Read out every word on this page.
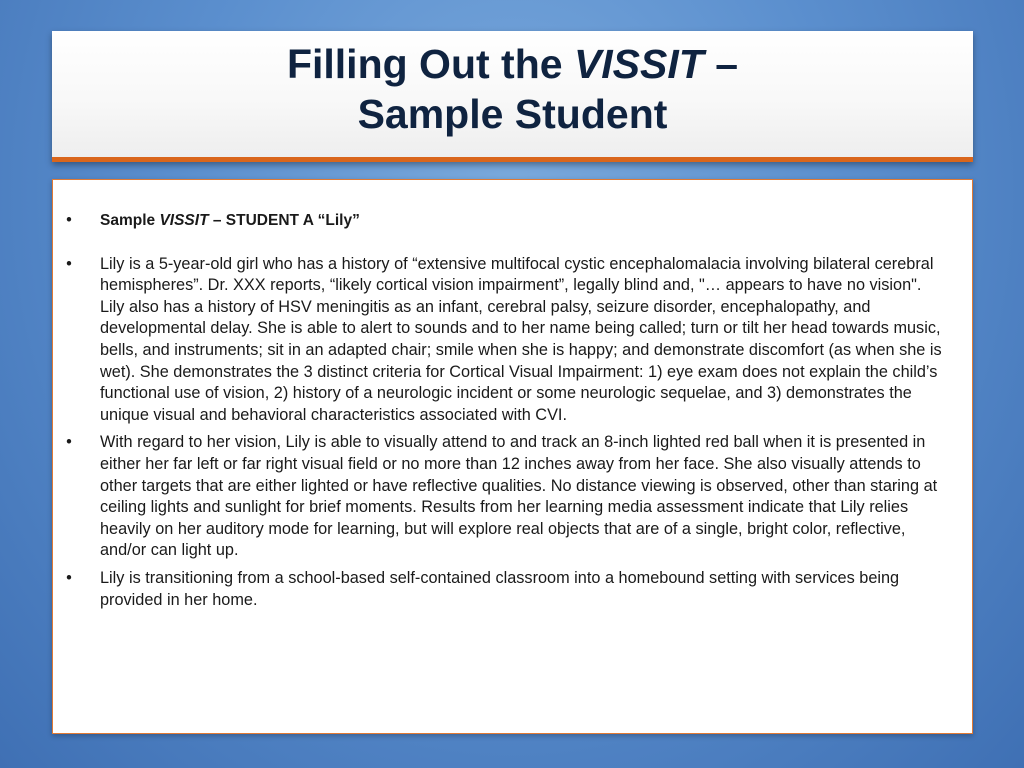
Filling Out the VISSIT –
Sample Student
• Sample VISSIT – STUDENT A “Lily”
• Lily is a 5-year-old girl who has a history of “extensive multifocal cystic encephalomalacia involving bilateral cerebral hemispheres”. Dr. XXX reports, “likely cortical vision impairment”, legally blind and, "… appears to have no vision". Lily also has a history of HSV meningitis as an infant, cerebral palsy, seizure disorder, encephalopathy, and developmental delay. She is able to alert to sounds and to her name being called; turn or tilt her head towards music, bells, and instruments; sit in an adapted chair; smile when she is happy; and demonstrate discomfort (as when she is wet). She demonstrates the 3 distinct criteria for Cortical Visual Impairment: 1) eye exam does not explain the child’s functional use of vision, 2) history of a neurologic incident or some neurologic sequelae, and 3) demonstrates the unique visual and behavioral characteristics associated with CVI.
• With regard to her vision, Lily is able to visually attend to and track an 8-inch lighted red ball when it is presented in either her far left or far right visual field or no more than 12 inches away from her face. She also visually attends to other targets that are either lighted or have reflective qualities. No distance viewing is observed, other than staring at ceiling lights and sunlight for brief moments. Results from her learning media assessment indicate that Lily relies heavily on her auditory mode for learning, but will explore real objects that are of a single, bright color, reflective, and/or can light up.
• Lily is transitioning from a school-based self-contained classroom into a homebound setting with services being provided in her home.
